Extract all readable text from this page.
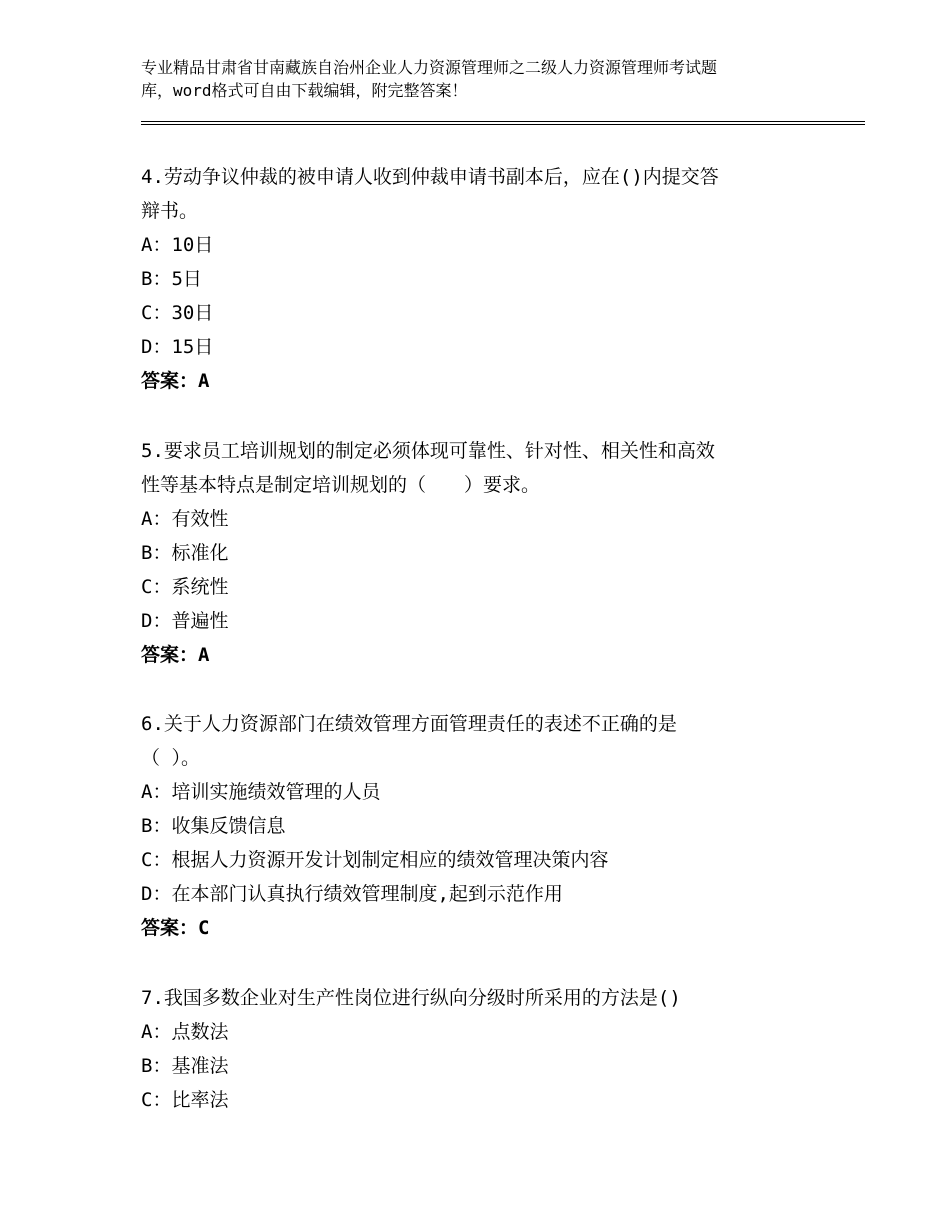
专业精品甘肃省甘南藏族自治州企业人力资源管理师之二级人力资源管理师考试题
库，word格式可自由下载编辑，附完整答案！

4.劳动争议仲裁的被申请人收到仲裁申请书副本后，应在()内提交答

辩书。

A：10日

B：5日

C：30日

D：15日

答案：A

5.要求员工培训规划的制定必须体现可靠性、针对性、相关性和高效

性等基本特点是制定培训规划的（　　）要求。

A：有效性

B：标准化

C：系统性

D：普遍性

答案：A

6.关于人力资源部门在绩效管理方面管理责任的表述不正确的是

（ ）。

A：培训实施绩效管理的人员

B：收集反馈信息

C：根据人力资源开发计划制定相应的绩效管理决策内容

D：在本部门认真执行绩效管理制度,起到示范作用

答案：C

7.我国多数企业对生产性岗位进行纵向分级时所采用的方法是()

A：点数法

B：基准法

C：比率法
